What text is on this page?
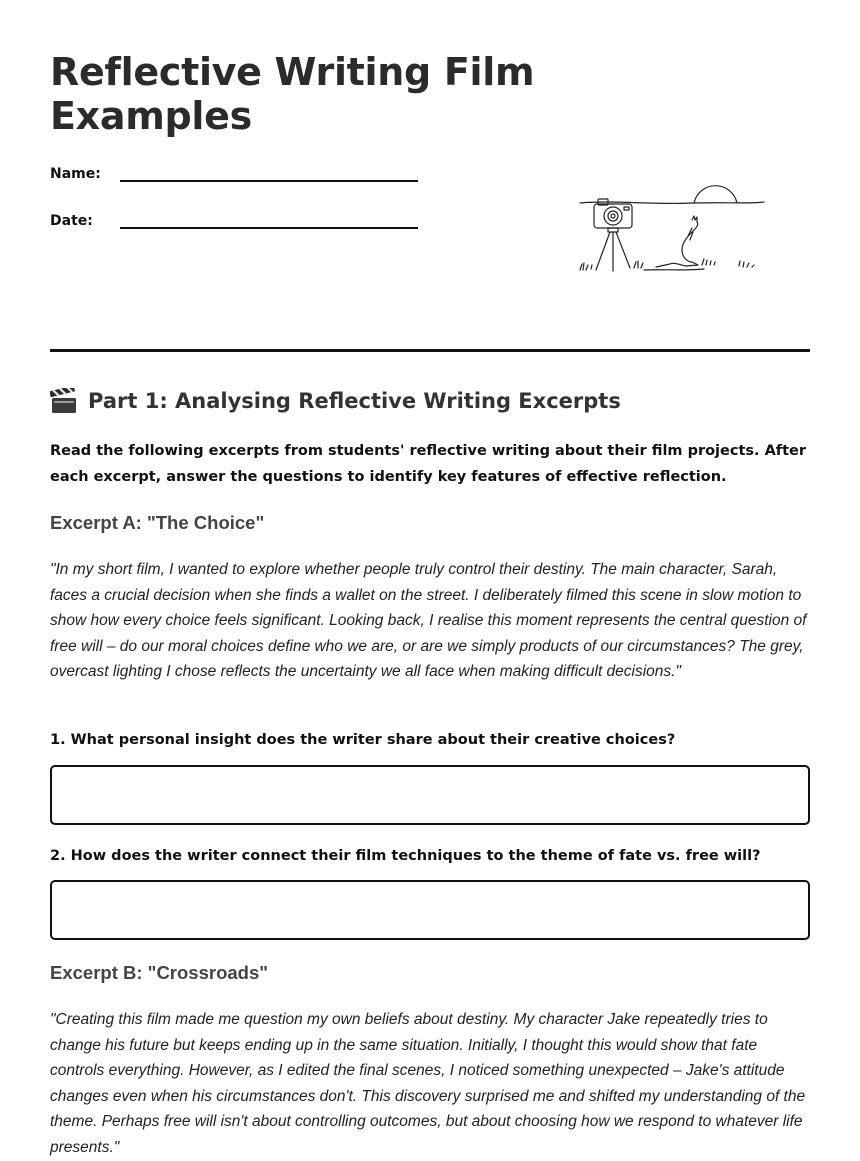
Reflective Writing Film
Examples
Name:
Date:
Part 1: Analysing Reflective Writing Excerpts

Read the following excerpts from students' reflective writing about their film projects. After each excerpt, answer the questions to identify key features of effective reflection.

Excerpt A: "The Choice"

"In my short film, I wanted to explore whether people truly control their destiny. The main character, Sarah, faces a crucial decision when she finds a wallet on the street. I deliberately filmed this scene in slow motion to show how every choice feels significant. Looking back, I realise this moment represents the central question of free will – do our moral choices define who we are, or are we simply products of our circumstances? The grey, overcast lighting I chose reflects the uncertainty we all face when making difficult decisions."

1. What personal insight does the writer share about their creative choices?

2. How does the writer connect their film techniques to the theme of fate vs. free will?

Excerpt B: "Crossroads"

"Creating this film made me question my own beliefs about destiny. My character Jake repeatedly tries to change his future but keeps ending up in the same situation. Initially, I thought this would show that fate controls everything. However, as I edited the final scenes, I noticed something unexpected – Jake's attitude changes even when his circumstances don't. This discovery surprised me and shifted my understanding of the theme. Perhaps free will isn't about controlling outcomes, but about choosing how we respond to whatever life presents."
